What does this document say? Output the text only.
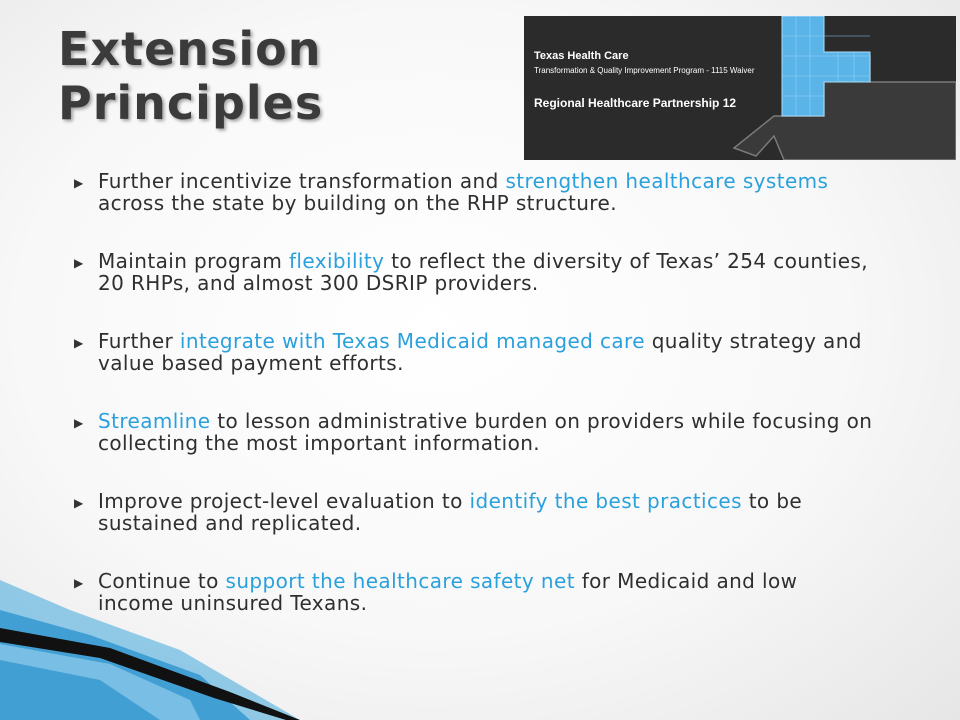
Extension
Principles
Texas Health Care
Transformation & Quality Improvement Program - 1115 Waiver
Regional Healthcare Partnership 12
▶ Further incentivize transformation and strengthen healthcare systems across the state by building on the RHP structure.
▶ Maintain program flexibility to reflect the diversity of Texas’ 254 counties, 20 RHPs, and almost 300 DSRIP providers.
▶ Further integrate with Texas Medicaid managed care quality strategy and value based payment efforts.
▶ Streamline to lesson administrative burden on providers while focusing on collecting the most important information.
▶ Improve project-level evaluation to identify the best practices to be sustained and replicated.
▶ Continue to support the healthcare safety net for Medicaid and low income uninsured Texans.
